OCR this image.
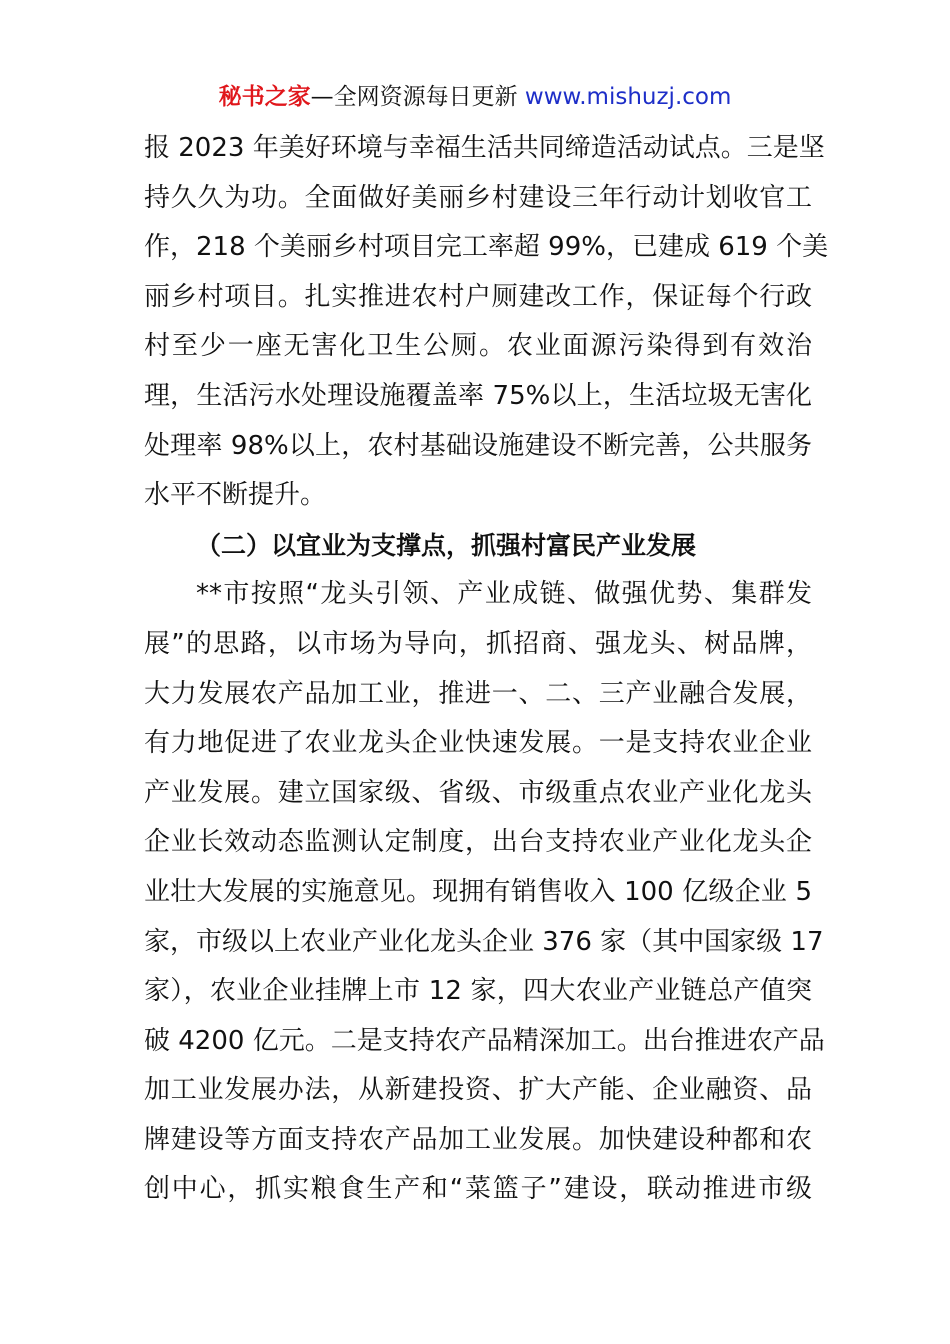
秘书之家—全网资源每日更新 www.mishuzj.com
报 2023 年美好环境与幸福生活共同缔造活动试点。三是坚
持久久为功。全面做好美丽乡村建设三年行动计划收官工
作，218 个美丽乡村项目完工率超 99%，已建成 619 个美
丽乡村项目。扎实推进农村户厕建改工作，保证每个行政
村至少一座无害化卫生公厕。农业面源污染得到有效治
理，生活污水处理设施覆盖率 75%以上，生活垃圾无害化
处理率 98%以上，农村基础设施建设不断完善，公共服务
水平不断提升。
（二）以宜业为支撑点，抓强村富民产业发展
**市按照“龙头引领、产业成链、做强优势、集群发
展”的思路，以市场为导向，抓招商、强龙头、树品牌，
大力发展农产品加工业，推进一、二、三产业融合发展，
有力地促进了农业龙头企业快速发展。一是支持农业企业
产业发展。建立国家级、省级、市级重点农业产业化龙头
企业长效动态监测认定制度，出台支持农业产业化龙头企
业壮大发展的实施意见。现拥有销售收入 100 亿级企业 5
家，市级以上农业产业化龙头企业 376 家（其中国家级 17
家），农业企业挂牌上市 12 家，四大农业产业链总产值突
破 4200 亿元。二是支持农产品精深加工。出台推进农产品
加工业发展办法，从新建投资、扩大产能、企业融资、品
牌建设等方面支持农产品加工业发展。加快建设种都和农
创中心，抓实粮食生产和“菜篮子”建设，联动推进市级
